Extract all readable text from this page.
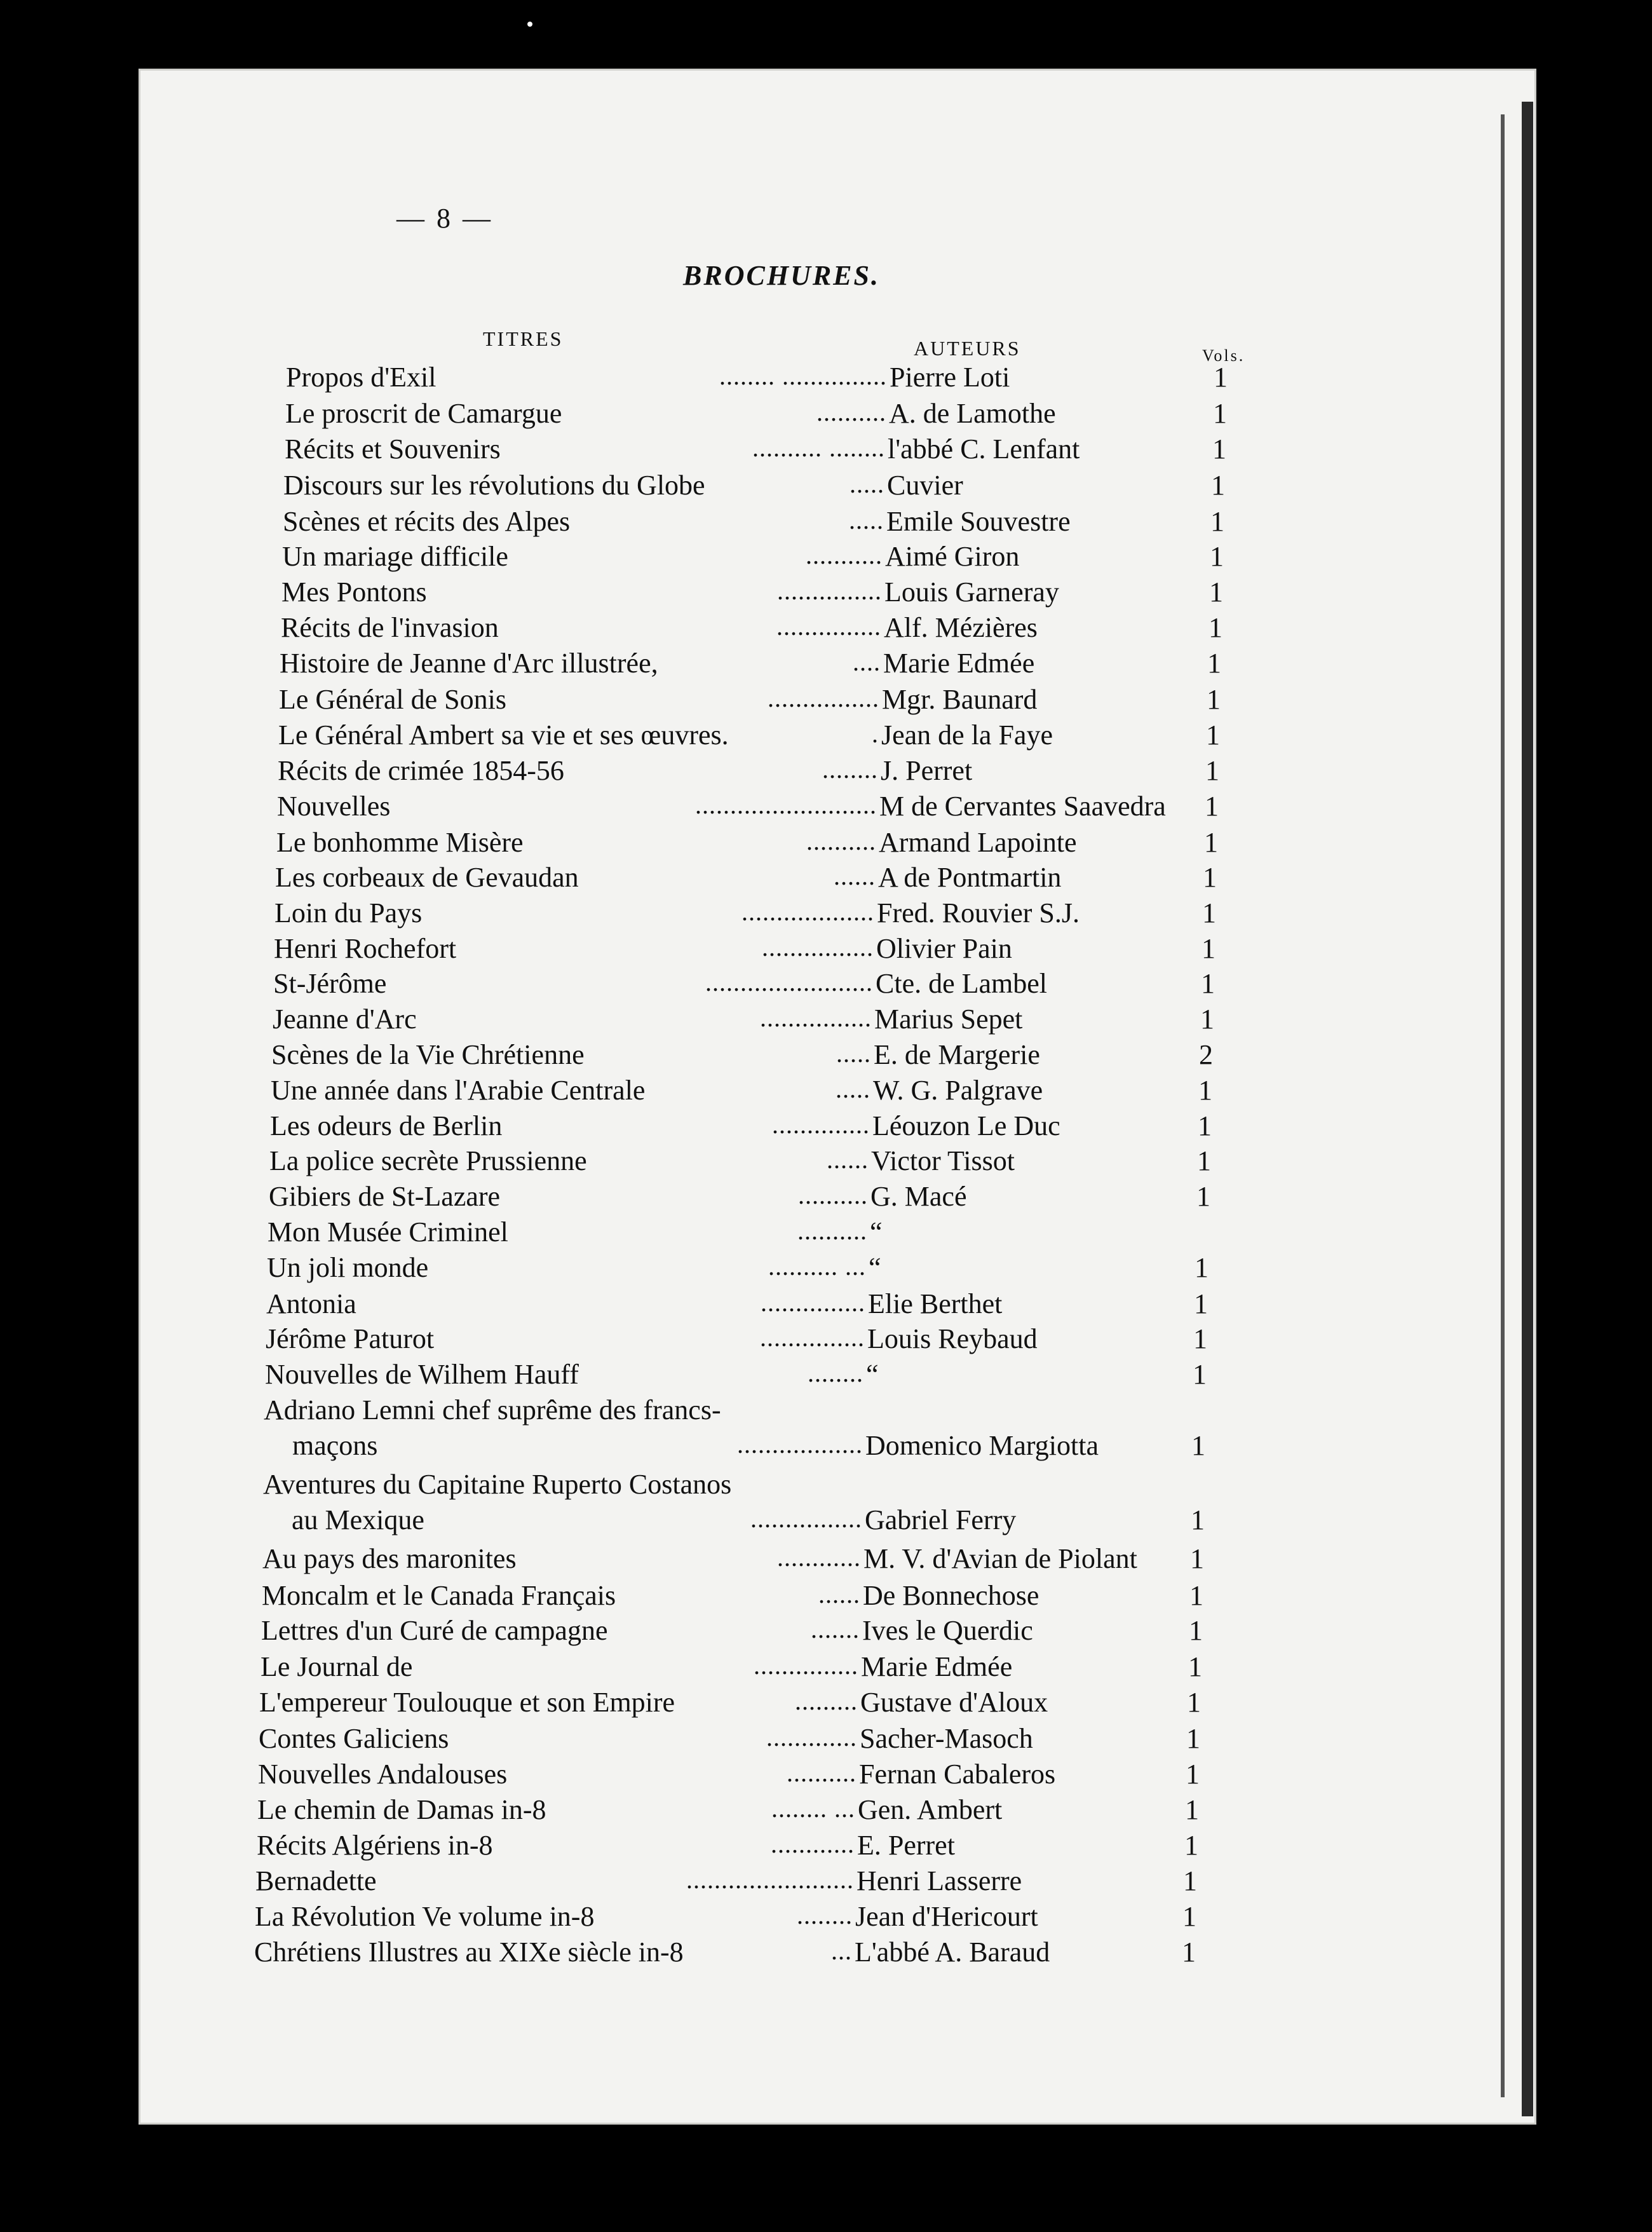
— 8 —
BROCHURES.
TITRES	AUTEURS	Vols.
Propos d'Exil	........ ............... Pierre Loti	1
Le proscrit de Camargue	.......... A. de Lamothe	1
Récits et Souvenirs	.......... ........ l'abbé C. Lenfant	1
Discours sur les révolutions du Globe	..... Cuvier	1
Scènes et récits des Alpes	..... Emile Souvestre	1
Un mariage difficile	........... Aimé Giron	1
Mes Pontons	............... Louis Garneray	1
Récits de l'invasion	............... Alf. Mézières	1
Histoire de Jeanne d'Arc illustrée,	.... Marie Edmée	1
Le Général de Sonis	................ Mgr. Baunard	1
Le Général Ambert sa vie et ses œuvres.	. Jean de la Faye	1
Récits de crimée 1854-56	........ J. Perret	1
Nouvelles	.......................... M de Cervantes Saavedra 1
Le bonhomme Misère	.......... Armand Lapointe	1
Les corbeaux de Gevaudan	...... A de Pontmartin	1
Loin du Pays	................... Fred. Rouvier S.J.	1
Henri Rochefort	................ Olivier Pain	1
St-Jérôme	........................ Cte. de Lambel	1
Jeanne d'Arc	................ Marius Sepet	1
Scènes de la Vie Chrétienne	..... E. de Margerie	2
Une année dans l'Arabie Centrale	..... W. G. Palgrave	1
Les odeurs de Berlin	.............. Léouzon Le Duc	1
La police secrète Prussienne	...... Victor Tissot	1
Gibiers de St-Lazare	.......... G. Macé	1
Mon Musée Criminel	.......... “
Un joli monde	.......... ... “	1
Antonia	............... Elie Berthet	1
Jérôme Paturot	............... Louis Reybaud	1
Nouvelles de Wilhem Hauff	........ “	1
Adriano Lemni chef suprême des francs-
maçons	.................. Domenico Margiotta	1
Aventures du Capitaine Ruperto Costanos
au Mexique	................ Gabriel Ferry	1
Au pays des maronites	............ M. V. d'Avian de Piolant 1
Moncalm et le Canada Français	...... De Bonnechose	1
Lettres d'un Curé de campagne	....... Ives le Querdic	1
Le Journal de	............... Marie Edmée	1
L'empereur Toulouque et son Empire	......... Gustave d'Aloux	1
Contes Galiciens	............. Sacher-Masoch	1
Nouvelles Andalouses	.......... Fernan Cabaleros	1
Le chemin de Damas in-8	........ ... Gen. Ambert	1
Récits Algériens in-8	............ E. Perret	1
Bernadette	........................ Henri Lasserre	1
La Révolution Ve volume in-8	........ Jean d'Hericourt	1
Chrétiens Illustres au XIXe siècle in-8	... L'abbé A. Baraud	1
